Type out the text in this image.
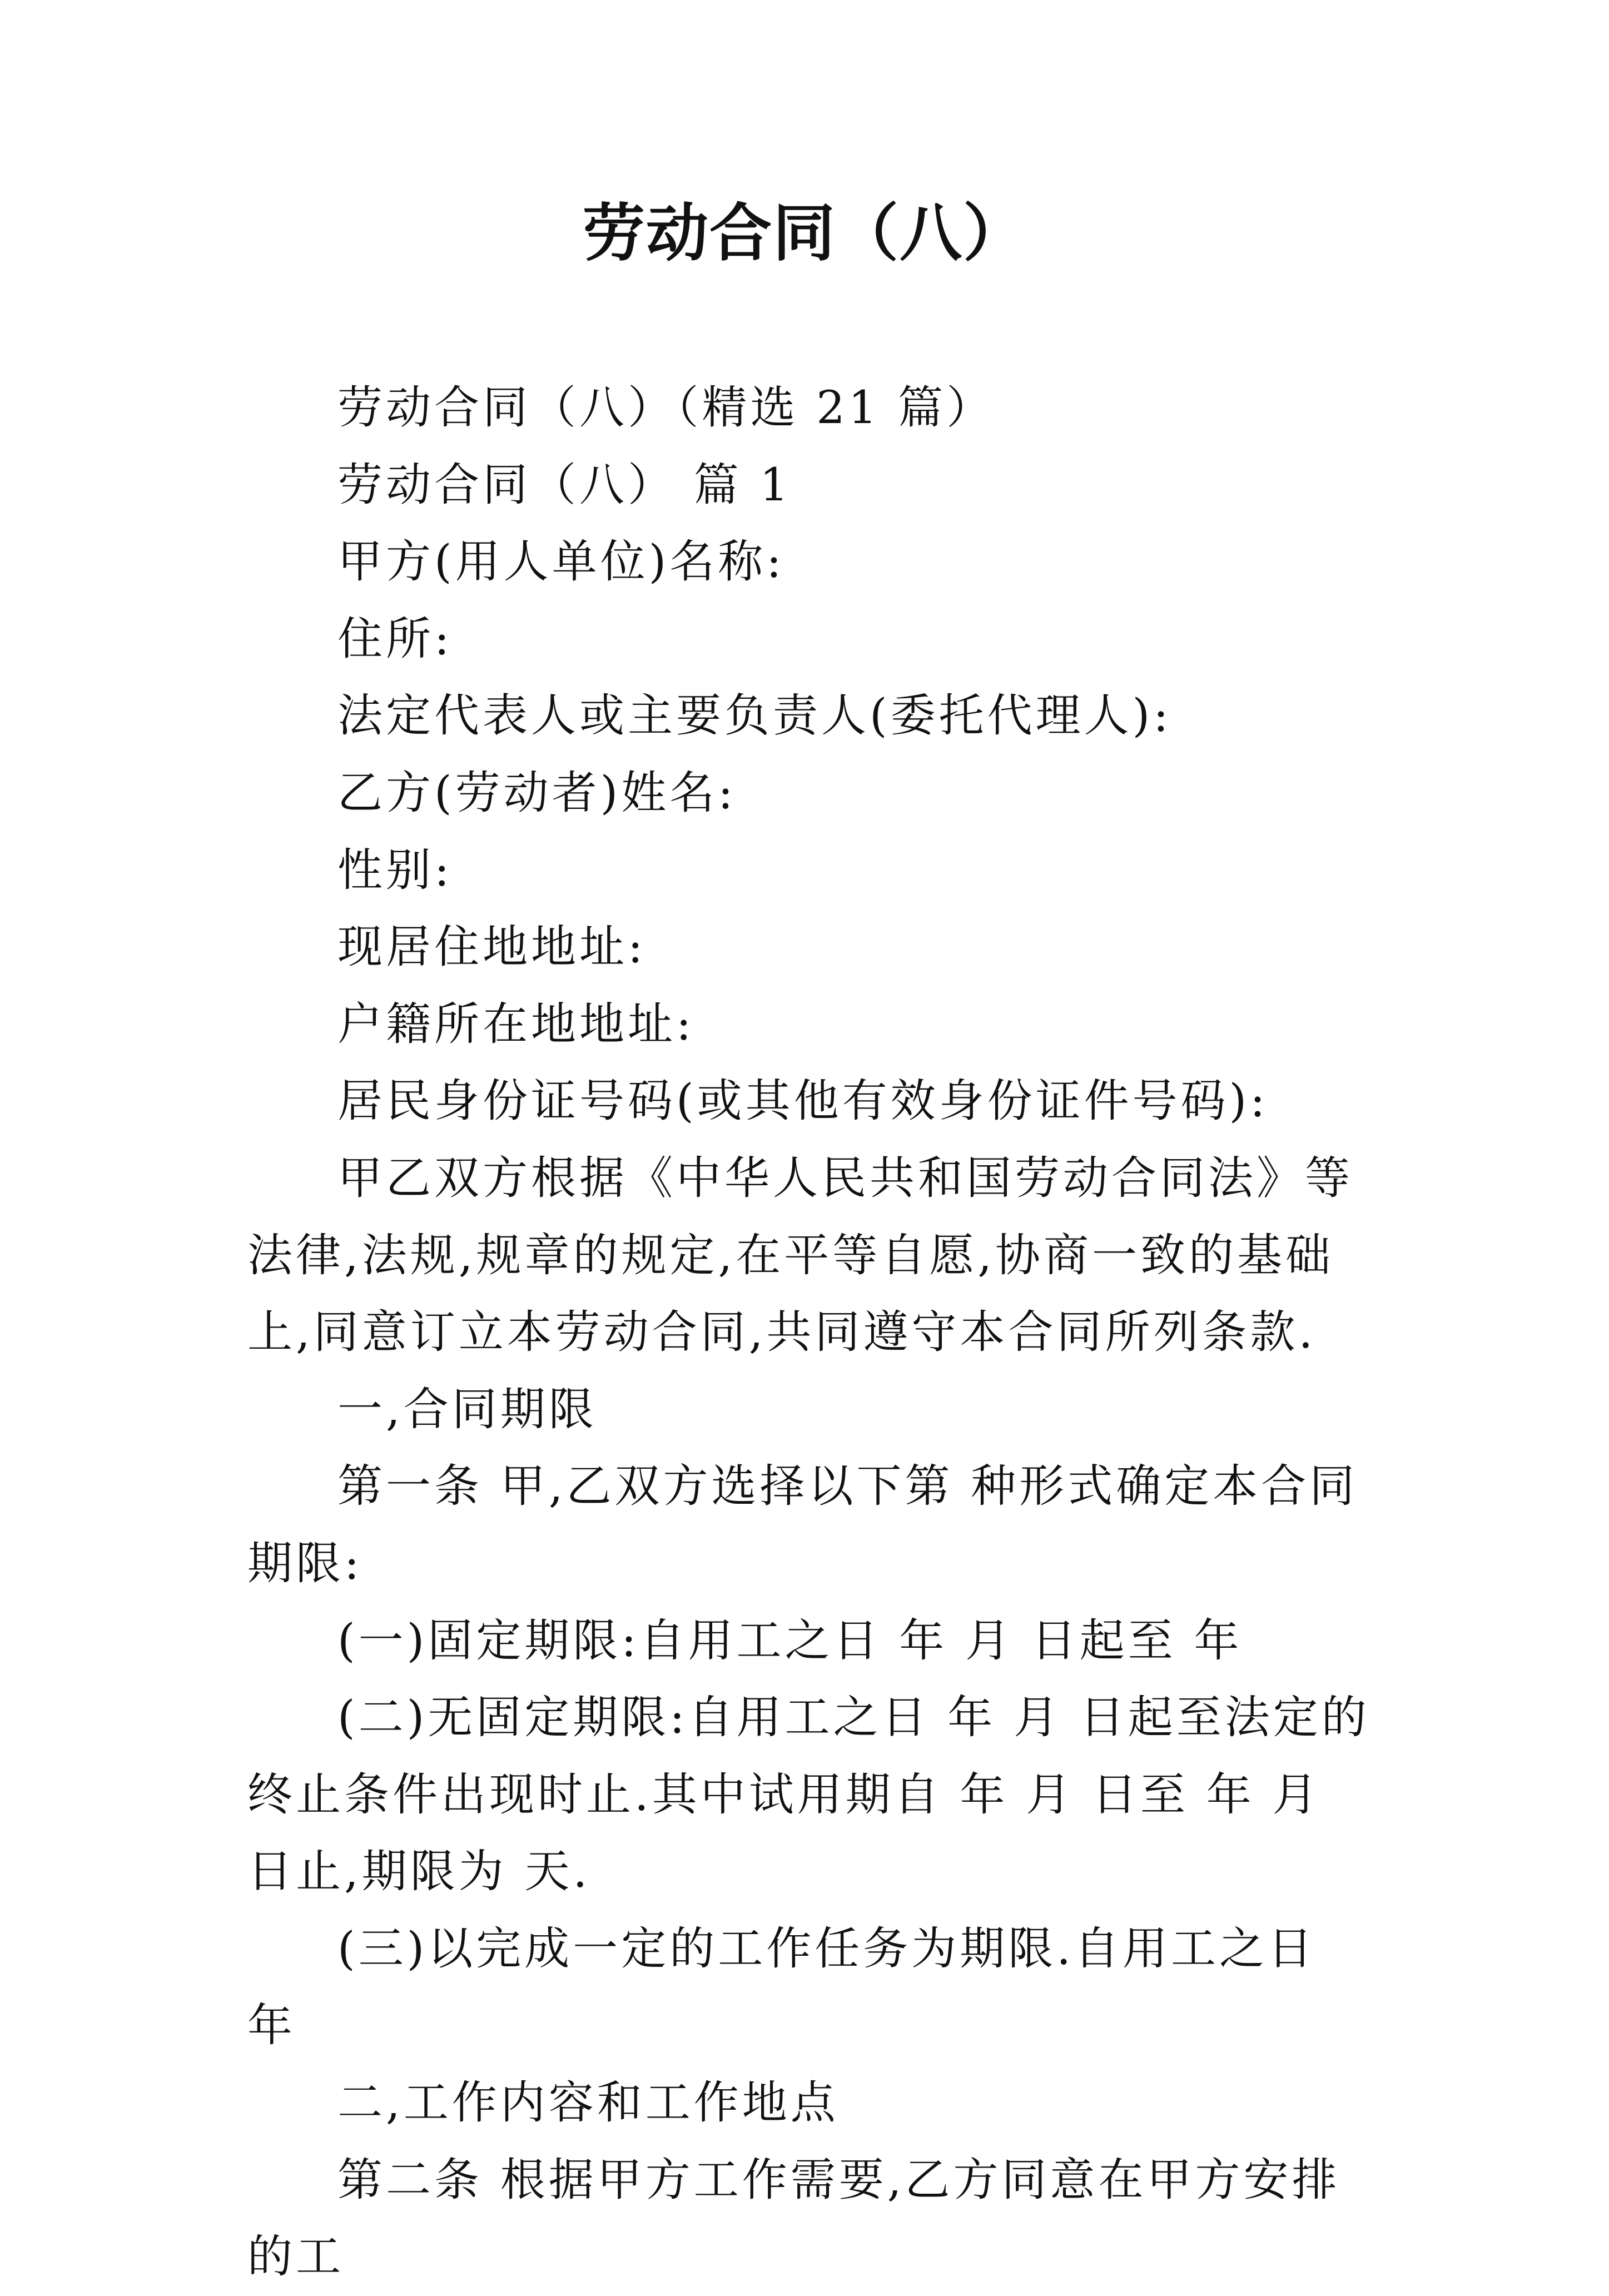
劳动合同（八）

劳动合同（八）（精选 21 篇）

劳动合同（八） 篇 1

甲方(用人单位)名称:

住所:

法定代表人或主要负责人(委托代理人):

乙方(劳动者)姓名:

性别:

现居住地地址:

户籍所在地地址:

居民身份证号码(或其他有效身份证件号码):

甲乙双方根据《中华人民共和国劳动合同法》等法律,法规,规章的规定,在平等自愿,协商一致的基础上,同意订立本劳动合同,共同遵守本合同所列条款.

一,合同期限

第一条 甲,乙双方选择以下第 种形式确定本合同期限:

(一)固定期限:自用工之日 年 月 日起至 年

(二)无固定期限:自用工之日 年 月 日起至法定的终止条件出现时止.其中试用期自 年 月 日至 年 月 日止,期限为 天.

(三)以完成一定的工作任务为期限.自用工之日 年

二,工作内容和工作地点

第二条 根据甲方工作需要,乙方同意在甲方安排的工
